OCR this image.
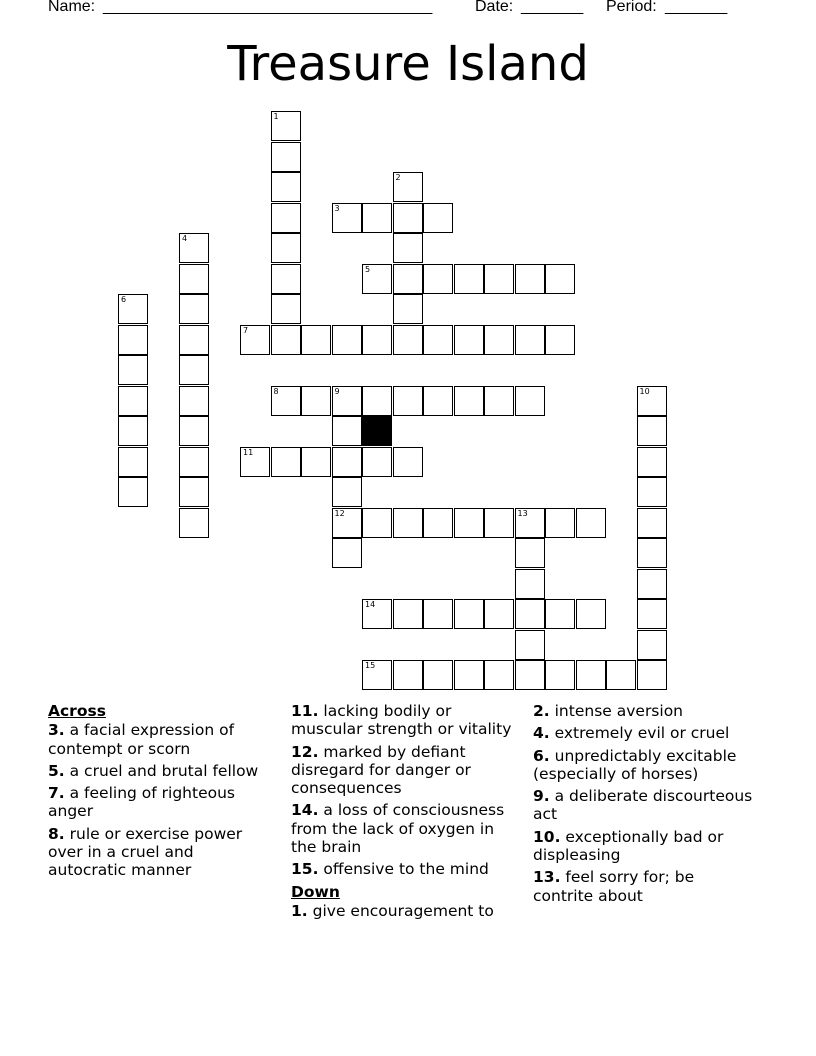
Name: _____________________________________	Date: _______ Period: _______
Treasure Island
1
2
3
4
5
6
7
8	9	10
11
12	13
14
15
Across
3. a facial expression of contempt or scorn
5. a cruel and brutal fellow
7. a feeling of righteous anger
8. rule or exercise power over in a cruel and autocratic manner
11. lacking bodily or muscular strength or vitality
12. marked by defiant disregard for danger or consequences
14. a loss of consciousness from the lack of oxygen in the brain
15. offensive to the mind
Down
1. give encouragement to
2. intense aversion
4. extremely evil or cruel
6. unpredictably excitable (especially of horses)
9. a deliberate discourteous act
10. exceptionally bad or displeasing
13. feel sorry for; be contrite about
